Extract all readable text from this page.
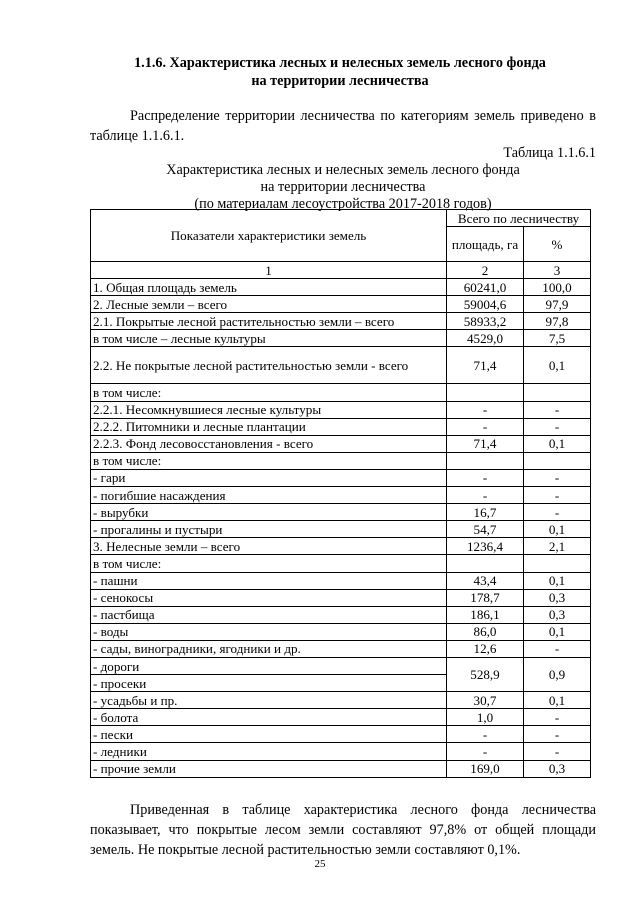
1.1.6. Характеристика лесных и нелесных земель лесного фонда
на территории лесничества

Распределение территории лесничества по категориям земель приведено в таблице 1.1.6.1.

Таблица 1.1.6.1
Характеристика лесных и нелесных земель лесного фонда
на территории лесничества
(по материалам лесоустройства 2017-2018 годов)
Показатели характеристики земель	Всего по лесничеству	
	площадь, га	%
1	2	3
1. Общая площадь земель	60241,0	100,0
2. Лесные земли – всего	59004,6	97,9
2.1. Покрытые лесной растительностью земли – всего	58933,2	97,8
в том числе – лесные культуры	4529,0	7,5
2.2. Не покрытые лесной растительностью земли - всего	71,4	0,1
в том числе:		
2.2.1. Несомкнувшиеся лесные культуры	-	-
2.2.2. Питомники и лесные плантации	-	-
2.2.3. Фонд лесовосстановления - всего	71,4	0,1
в том числе:		
- гари	-	-
- погибшие насаждения	-	-
- вырубки	16,7	-
- прогалины и пустыри	54,7	0,1
3. Нелесные земли – всего	1236,4	2,1
в том числе:		
- пашни	43,4	0,1
- сенокосы	178,7	0,3
- пастбища	186,1	0,3
- воды	86,0	0,1
- сады, виноградники, ягодники и др.	12,6	-
- дороги	528,9	0,9
- просеки		
- усадьбы и пр.	30,7	0,1
- болота	1,0	-
- пески	-	-
- ледники	-	-
- прочие земли	169,0	0,3

Приведенная в таблице характеристика лесного фонда лесничества показывает, что покрытые лесом земли составляют 97,8% от общей площади земель. Не покрытые лесной растительностью земли составляют 0,1%.

25
